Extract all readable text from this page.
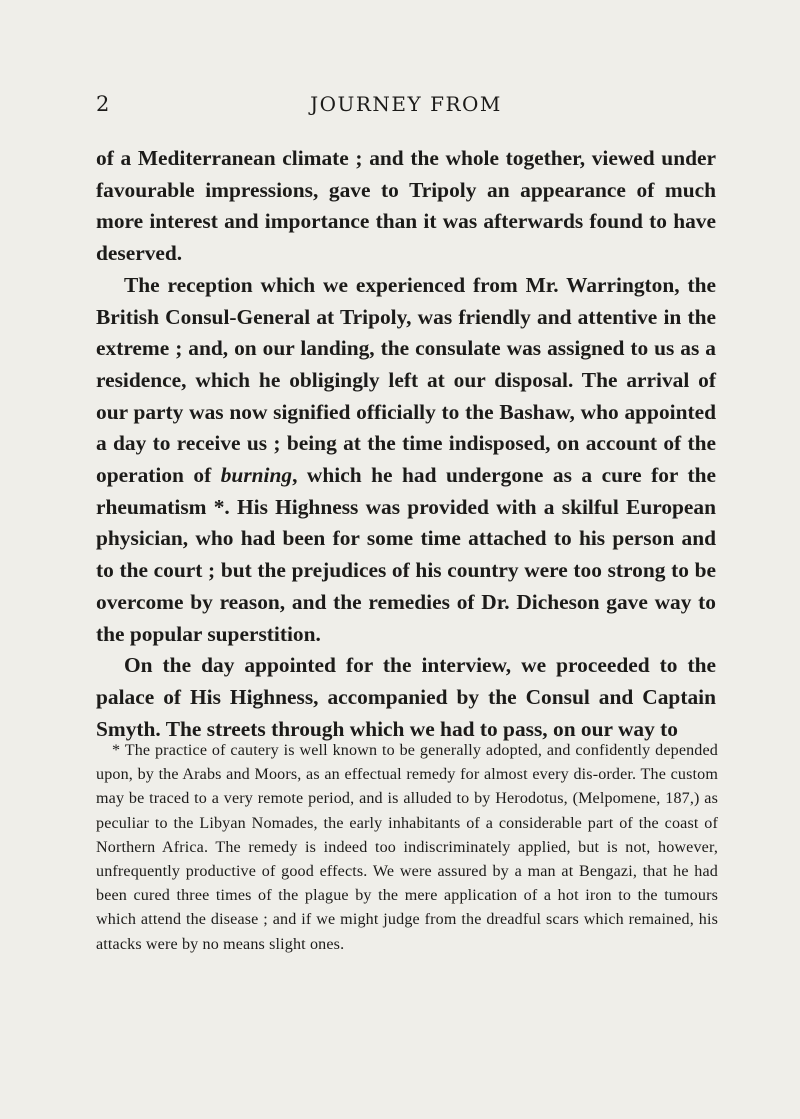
2	JOURNEY FROM

of a Mediterranean climate ; and the whole together, viewed under favourable impressions, gave to Tripoly an appearance of much more interest and importance than it was afterwards found to have deserved.

The reception which we experienced from Mr. Warrington, the British Consul-General at Tripoly, was friendly and attentive in the extreme ; and, on our landing, the consulate was assigned to us as a residence, which he obligingly left at our disposal. The arrival of our party was now signified officially to the Bashaw, who appointed a day to receive us ; being at the time indisposed, on account of the operation of burning, which he had undergone as a cure for the rheumatism *. His Highness was provided with a skilful European physician, who had been for some time attached to his person and to the court ; but the prejudices of his country were too strong to be overcome by reason, and the remedies of Dr. Dicheson gave way to the popular superstition.

On the day appointed for the interview, we proceeded to the palace of His Highness, accompanied by the Consul and Captain Smyth. The streets through which we had to pass, on our way to

* The practice of cautery is well known to be generally adopted, and confidently depended upon, by the Arabs and Moors, as an effectual remedy for almost every dis-order. The custom may be traced to a very remote period, and is alluded to by Herodotus, (Melpomene, 187,) as peculiar to the Libyan Nomades, the early inhabitants of a considerable part of the coast of Northern Africa. The remedy is indeed too indiscriminately applied, but is not, however, unfrequently productive of good effects. We were assured by a man at Bengazi, that he had been cured three times of the plague by the mere application of a hot iron to the tumours which attend the disease ; and if we might judge from the dreadful scars which remained, his attacks were by no means slight ones.
